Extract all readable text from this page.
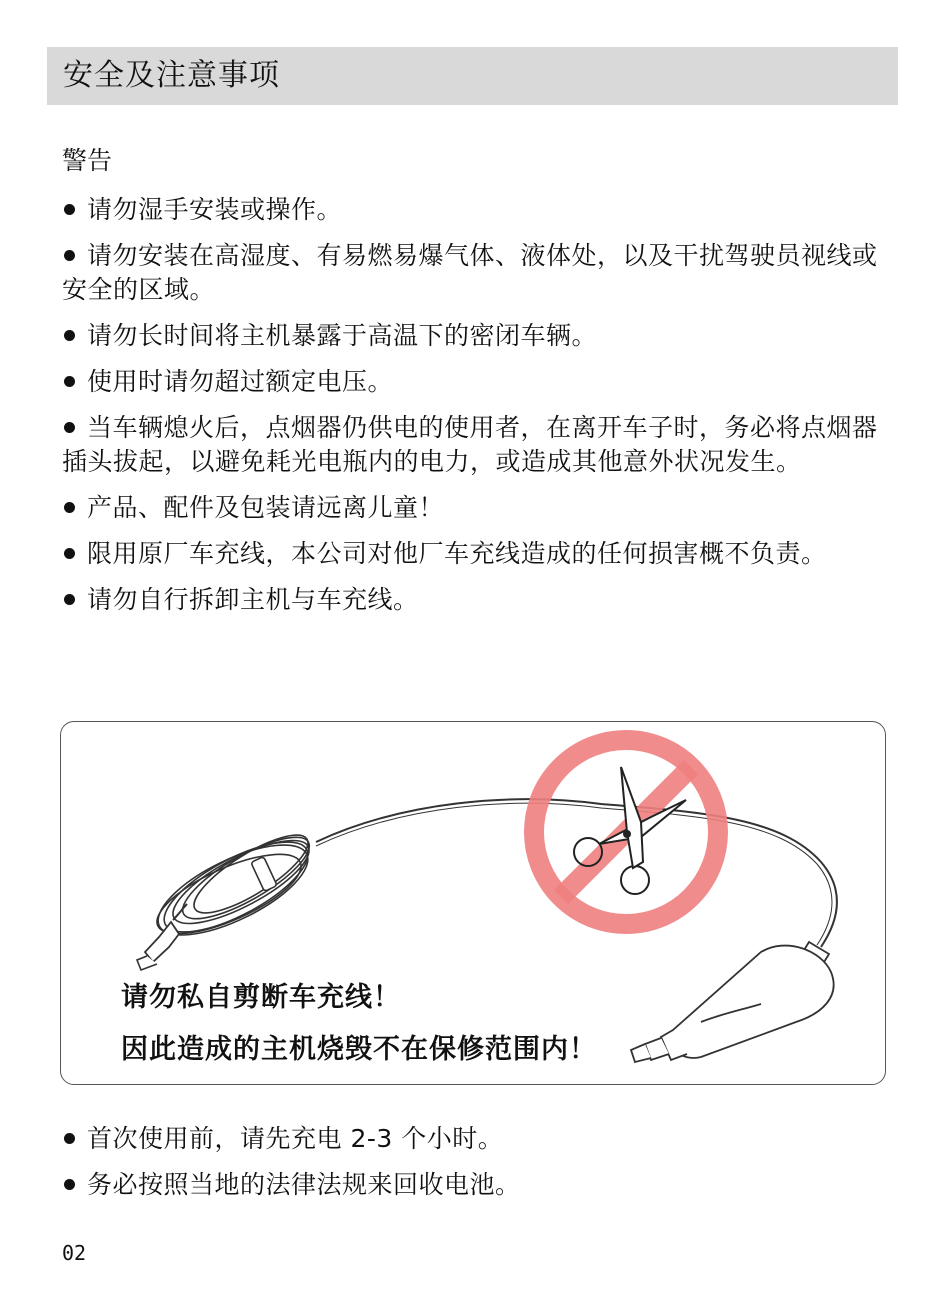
安全及注意事项
警告
请勿湿手安装或操作。
请勿安装在高湿度、有易燃易爆气体、液体处，以及干扰驾驶员视线或安全的区域。
请勿长时间将主机暴露于高温下的密闭车辆。
使用时请勿超过额定电压。
当车辆熄火后，点烟器仍供电的使用者，在离开车子时，务必将点烟器插头拔起，以避免耗光电瓶内的电力，或造成其他意外状况发生。
产品、配件及包装请远离儿童！
限用原厂车充线，本公司对他厂车充线造成的任何损害概不负责。
请勿自行拆卸主机与车充线。
请勿私自剪断车充线！
因此造成的主机烧毁不在保修范围内！
首次使用前，请先充电 2-3 个小时。
务必按照当地的法律法规来回收电池。
02
